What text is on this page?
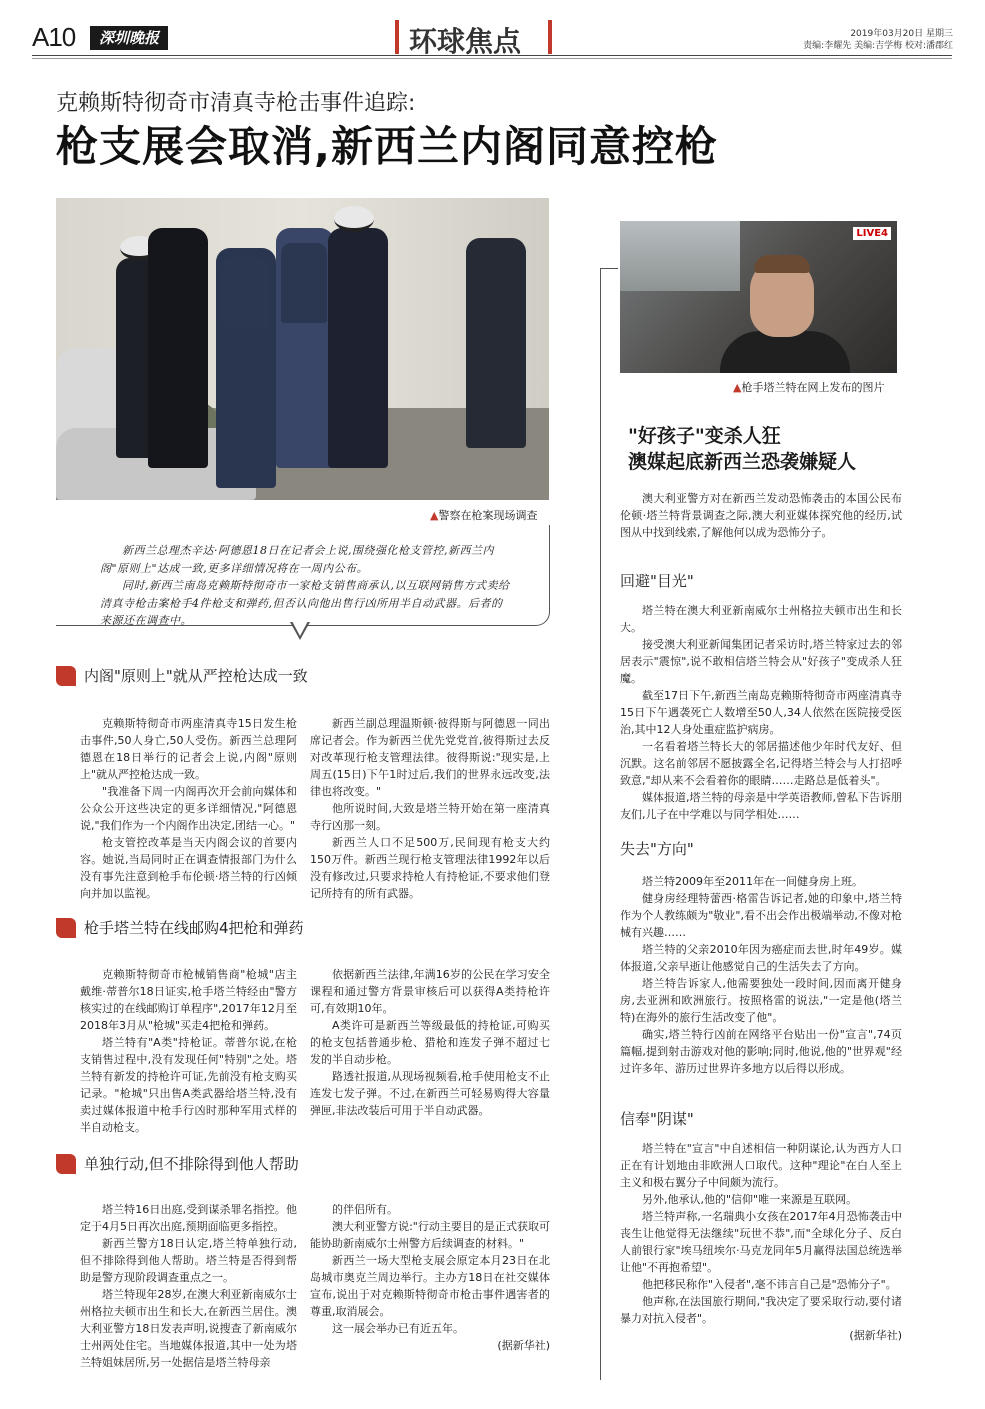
A10	深圳晚报	环球焦点	2019年03月20日 星期三
责编:李耀先 美编:吉学梅 校对:潘郡红
克赖斯特彻奇市清真寺枪击事件追踪:
枪支展会取消,新西兰内阁同意控枪
▲警察在枪案现场调查
LIVE4
▲枪手塔兰特在网上发布的图片

新西兰总理杰辛达·阿德恩18日在记者会上说,围绕强化枪支管控,新西兰内阁"原则上"达成一致,更多详细情况将在一周内公布。

同时,新西兰南岛克赖斯特彻奇市一家枪支销售商承认,以互联网销售方式卖给清真寺枪击案枪手4件枪支和弹药,但否认向他出售行凶所用半自动武器。后者的来源还在调查中。

内阁"原则上"就从严控枪达成一致

克赖斯特彻奇市两座清真寺15日发生枪击事件,50人身亡,50人受伤。新西兰总理阿德恩在18日举行的记者会上说,内阁"原则上"就从严控枪达成一致。

"我准备下周一内阁再次开会前向媒体和公众公开这些决定的更多详细情况,"阿德恩说,"我们作为一个内阁作出决定,团结一心。"

枪支管控改革是当天内阁会议的首要内容。她说,当局同时正在调查情报部门为什么没有事先注意到枪手布伦顿·塔兰特的行凶倾向并加以监视。

新西兰副总理温斯顿·彼得斯与阿德恩一同出席记者会。作为新西兰优先党党首,彼得斯过去反对改革现行枪支管理法律。彼得斯说:"现实是,上周五(15日)下午1时过后,我们的世界永远改变,法律也将改变。"

他所说时间,大致是塔兰特开始在第一座清真寺行凶那一刻。

新西兰人口不足500万,民间现有枪支大约150万件。新西兰现行枪支管理法律1992年以后没有修改过,只要求持枪人有持枪证,不要求他们登记所持有的所有武器。

枪手塔兰特在线邮购4把枪和弹药

克赖斯特彻奇市枪械销售商"枪城"店主戴维·蒂普尔18日证实,枪手塔兰特经由"警方核实过的在线邮购订单程序",2017年12月至2018年3月从"枪城"买走4把枪和弹药。

塔兰特有"A类"持枪证。蒂普尔说,在枪支销售过程中,没有发现任何"特别"之处。塔兰特有新发的持枪许可证,先前没有枪支购买记录。"枪城"只出售A类武器给塔兰特,没有卖过媒体报道中枪手行凶时那种军用式样的半自动枪支。

依据新西兰法律,年满16岁的公民在学习安全课程和通过警方背景审核后可以获得A类持枪许可,有效期10年。

A类许可是新西兰等级最低的持枪证,可购买的枪支包括普通步枪、猎枪和连发子弹不超过七发的半自动步枪。

路透社报道,从现场视频看,枪手使用枪支不止连发七发子弹。不过,在新西兰可轻易购得大容量弹匣,非法改装后可用于半自动武器。

单独行动,但不排除得到他人帮助

塔兰特16日出庭,受到谋杀罪名指控。他定于4月5日再次出庭,预期面临更多指控。

新西兰警方18日认定,塔兰特单独行动,但不排除得到他人帮助。塔兰特是否得到帮助是警方现阶段调查重点之一。

塔兰特现年28岁,在澳大利亚新南威尔士州格拉夫顿市出生和长大,在新西兰居住。澳大利亚警方18日发表声明,说搜查了新南威尔士州两处住宅。当地媒体报道,其中一处为塔兰特姐妹居所,另一处据信是塔兰特母亲

的伴侣所有。

澳大利亚警方说:"行动主要目的是正式获取可能协助新南威尔士州警方后续调查的材料。"

新西兰一场大型枪支展会原定本月23日在北岛城市奥克兰周边举行。主办方18日在社交媒体宣布,说出于对克赖斯特彻奇市枪击事件遇害者的尊重,取消展会。

这一展会举办已有近五年。

(据新华社)
"好孩子"变杀人狂
澳媒起底新西兰恐袭嫌疑人

澳大利亚警方对在新西兰发动恐怖袭击的本国公民布伦顿·塔兰特背景调查之际,澳大利亚媒体探究他的经历,试图从中找到线索,了解他何以成为恐怖分子。

回避"目光"

塔兰特在澳大利亚新南威尔士州格拉夫顿市出生和长大。

接受澳大利亚新闻集团记者采访时,塔兰特家过去的邻居表示"震惊",说不敢相信塔兰特会从"好孩子"变成杀人狂魔。

截至17日下午,新西兰南岛克赖斯特彻奇市两座清真寺15日下午遇袭死亡人数增至50人,34人依然在医院接受医治,其中12人身处重症监护病房。

一名看着塔兰特长大的邻居描述他少年时代友好、但沉默。这名前邻居不愿披露全名,记得塔兰特会与人打招呼致意,"却从来不会看着你的眼睛……走路总是低着头"。

媒体报道,塔兰特的母亲是中学英语教师,曾私下告诉朋友们,儿子在中学难以与同学相处……

失去"方向"

塔兰特2009年至2011年在一间健身房上班。

健身房经理特蕾西·格雷告诉记者,她的印象中,塔兰特作为个人教练颇为"敬业",看不出会作出极端举动,不像对枪械有兴趣……

塔兰特的父亲2010年因为癌症而去世,时年49岁。媒体报道,父亲早逝让他感觉自己的生活失去了方向。

塔兰特告诉家人,他需要独处一段时间,因而离开健身房,去亚洲和欧洲旅行。按照格雷的说法,"一定是他(塔兰特)在海外的旅行生活改变了他"。

确实,塔兰特行凶前在网络平台贴出一份"宣言",74页篇幅,提到射击游戏对他的影响;同时,他说,他的"世界观"经过许多年、游历过世界许多地方以后得以形成。

信奉"阴谋"

塔兰特在"宣言"中自述相信一种阴谋论,认为西方人口正在有计划地由非欧洲人口取代。这种"理论"在白人至上主义和极右翼分子中间颇为流行。

另外,他承认,他的"信仰"唯一来源是互联网。

塔兰特声称,一名瑞典小女孩在2017年4月恐怖袭击中丧生让他觉得无法继续"玩世不恭",而"全球化分子、反白人前银行家"埃马纽埃尔·马克龙同年5月赢得法国总统选举让他"不再抱希望"。

他把移民称作"入侵者",毫不讳言自己是"恐怖分子"。

他声称,在法国旅行期间,"我决定了要采取行动,要付诸暴力对抗入侵者"。

(据新华社)
